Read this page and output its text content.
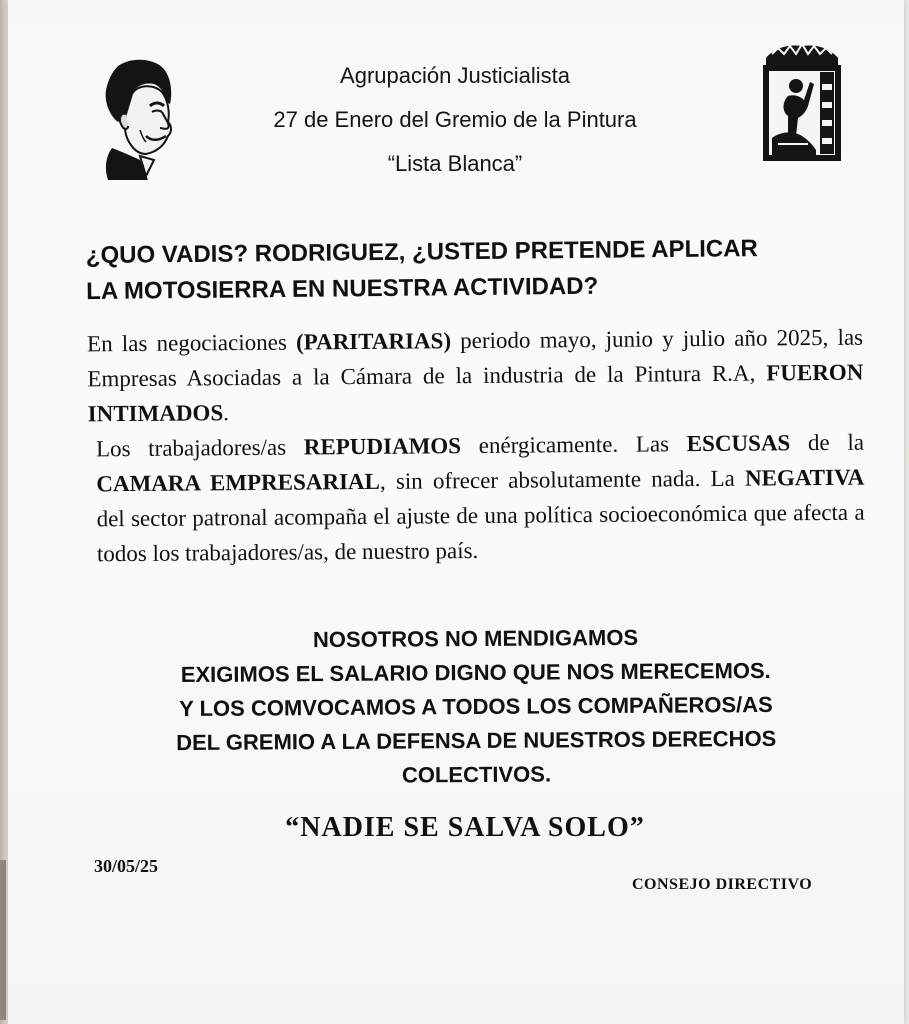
Agrupación Justicialista
27 de Enero del Gremio de la Pintura
“Lista Blanca”
¿QUO VADIS? RODRIGUEZ, ¿USTED PRETENDE APLICAR
LA MOTOSIERRA EN NUESTRA ACTIVIDAD?

En las negociaciones (PARITARIAS) periodo mayo, junio y julio año 2025, las Empresas Asociadas a la Cámara de la industria de la Pintura R.A, FUERON INTIMADOS.

Los trabajadores/as REPUDIAMOS enérgicamente. Las ESCUSAS de la CAMARA EMPRESARIAL, sin ofrecer absolutamente nada. La NEGATIVA del sector patronal acompaña el ajuste de una política socioeconómica que afecta a todos los trabajadores/as, de nuestro país.

NOSOTROS NO MENDIGAMOS
EXIGIMOS EL SALARIO DIGNO QUE NOS MERECEMOS.
Y LOS COMVOCAMOS A TODOS LOS COMPAÑEROS/AS
DEL GREMIO A LA DEFENSA DE NUESTROS DERECHOS
COLECTIVOS.
“NADIE SE SALVA SOLO”
30/05/25
CONSEJO DIRECTIVO
